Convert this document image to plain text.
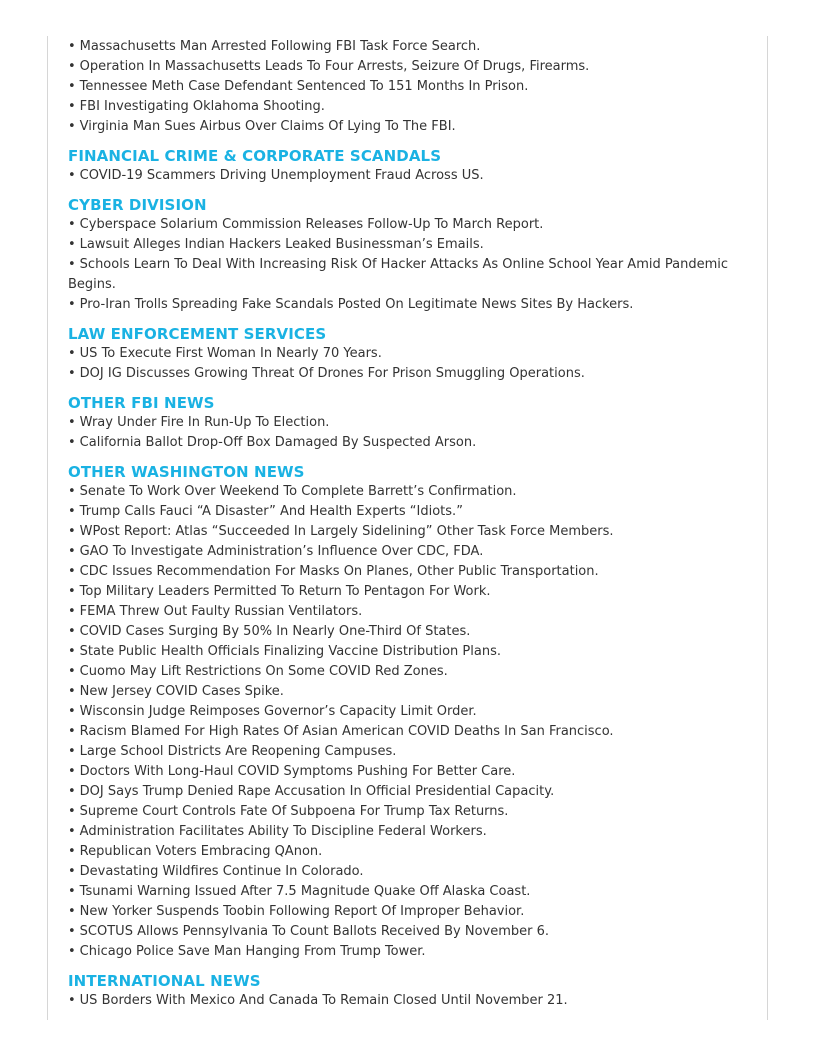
• Massachusetts Man Arrested Following FBI Task Force Search.
• Operation In Massachusetts Leads To Four Arrests, Seizure Of Drugs, Firearms.
• Tennessee Meth Case Defendant Sentenced To 151 Months In Prison.
• FBI Investigating Oklahoma Shooting.
• Virginia Man Sues Airbus Over Claims Of Lying To The FBI.
FINANCIAL CRIME & CORPORATE SCANDALS
• COVID-19 Scammers Driving Unemployment Fraud Across US.
CYBER DIVISION
• Cyberspace Solarium Commission Releases Follow-Up To March Report.
• Lawsuit Alleges Indian Hackers Leaked Businessman’s Emails.
• Schools Learn To Deal With Increasing Risk Of Hacker Attacks As Online School Year Amid Pandemic Begins.
• Pro-Iran Trolls Spreading Fake Scandals Posted On Legitimate News Sites By Hackers.
LAW ENFORCEMENT SERVICES
• US To Execute First Woman In Nearly 70 Years.
• DOJ IG Discusses Growing Threat Of Drones For Prison Smuggling Operations.
OTHER FBI NEWS
• Wray Under Fire In Run-Up To Election.
• California Ballot Drop-Off Box Damaged By Suspected Arson.
OTHER WASHINGTON NEWS
• Senate To Work Over Weekend To Complete Barrett’s Confirmation.
• Trump Calls Fauci “A Disaster” And Health Experts “Idiots.”
• WPost Report: Atlas “Succeeded In Largely Sidelining” Other Task Force Members.
• GAO To Investigate Administration’s Influence Over CDC, FDA.
• CDC Issues Recommendation For Masks On Planes, Other Public Transportation.
• Top Military Leaders Permitted To Return To Pentagon For Work.
• FEMA Threw Out Faulty Russian Ventilators.
• COVID Cases Surging By 50% In Nearly One-Third Of States.
• State Public Health Officials Finalizing Vaccine Distribution Plans.
• Cuomo May Lift Restrictions On Some COVID Red Zones.
• New Jersey COVID Cases Spike.
• Wisconsin Judge Reimposes Governor’s Capacity Limit Order.
• Racism Blamed For High Rates Of Asian American COVID Deaths In San Francisco.
• Large School Districts Are Reopening Campuses.
• Doctors With Long-Haul COVID Symptoms Pushing For Better Care.
• DOJ Says Trump Denied Rape Accusation In Official Presidential Capacity.
• Supreme Court Controls Fate Of Subpoena For Trump Tax Returns.
• Administration Facilitates Ability To Discipline Federal Workers.
• Republican Voters Embracing QAnon.
• Devastating Wildfires Continue In Colorado.
• Tsunami Warning Issued After 7.5 Magnitude Quake Off Alaska Coast.
• New Yorker Suspends Toobin Following Report Of Improper Behavior.
• SCOTUS Allows Pennsylvania To Count Ballots Received By November 6.
• Chicago Police Save Man Hanging From Trump Tower.
INTERNATIONAL NEWS
• US Borders With Mexico And Canada To Remain Closed Until November 21.
